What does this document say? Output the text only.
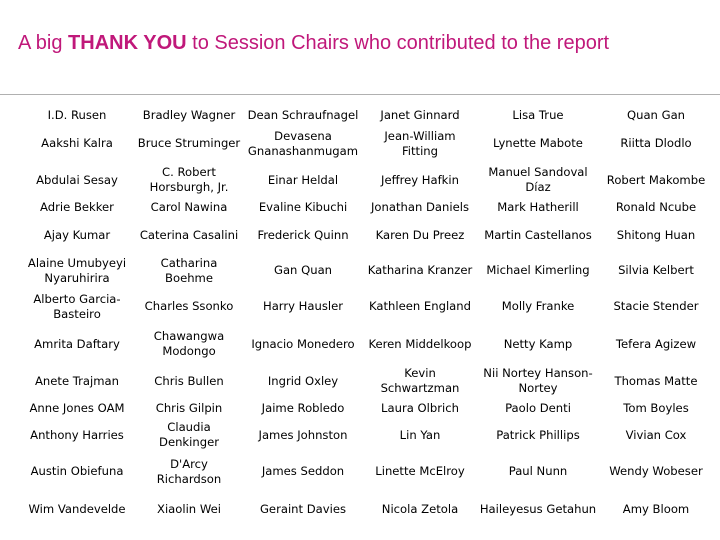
A big THANK YOU to Session Chairs who contributed to the report
I.D. Rusen	Bradley Wagner	Dean Schraufnagel	Janet Ginnard	Lisa True	Quan Gan
Aakshi Kalra	Bruce Struminger	Devasena Gnanashanmugam	Jean-William Fitting	Lynette Mabote	Riitta Dlodlo
Abdulai Sesay	C. Robert Horsburgh, Jr.	Einar Heldal	Jeffrey Hafkin	Manuel Sandoval Díaz	Robert Makombe
Adrie Bekker	Carol Nawina	Evaline Kibuchi	Jonathan Daniels	Mark Hatherill	Ronald Ncube
Ajay Kumar	Caterina Casalini	Frederick Quinn	Karen Du Preez	Martin Castellanos	Shitong Huan
Alaine Umubyeyi Nyaruhirira	Catharina Boehme	Gan Quan	Katharina Kranzer	Michael Kimerling	Silvia Kelbert
Alberto Garcia-Basteiro	Charles Ssonko	Harry Hausler	Kathleen England	Molly Franke	Stacie Stender
Amrita Daftary	Chawangwa Modongo	Ignacio Monedero	Keren Middelkoop	Netty Kamp	Tefera Agizew
Anete Trajman	Chris Bullen	Ingrid Oxley	Kevin Schwartzman	Nii Nortey Hanson-Nortey	Thomas Matte
Anne Jones OAM	Chris Gilpin	Jaime Robledo	Laura Olbrich	Paolo Denti	Tom Boyles
Anthony Harries	Claudia Denkinger	James Johnston	Lin Yan	Patrick Phillips	Vivian Cox
Austin Obiefuna	D'Arcy Richardson	James Seddon	Linette McElroy	Paul Nunn	Wendy Wobeser
Wim Vandevelde	Xiaolin Wei	Geraint Davies	Nicola Zetola	Haileyesus Getahun	Amy Bloom
